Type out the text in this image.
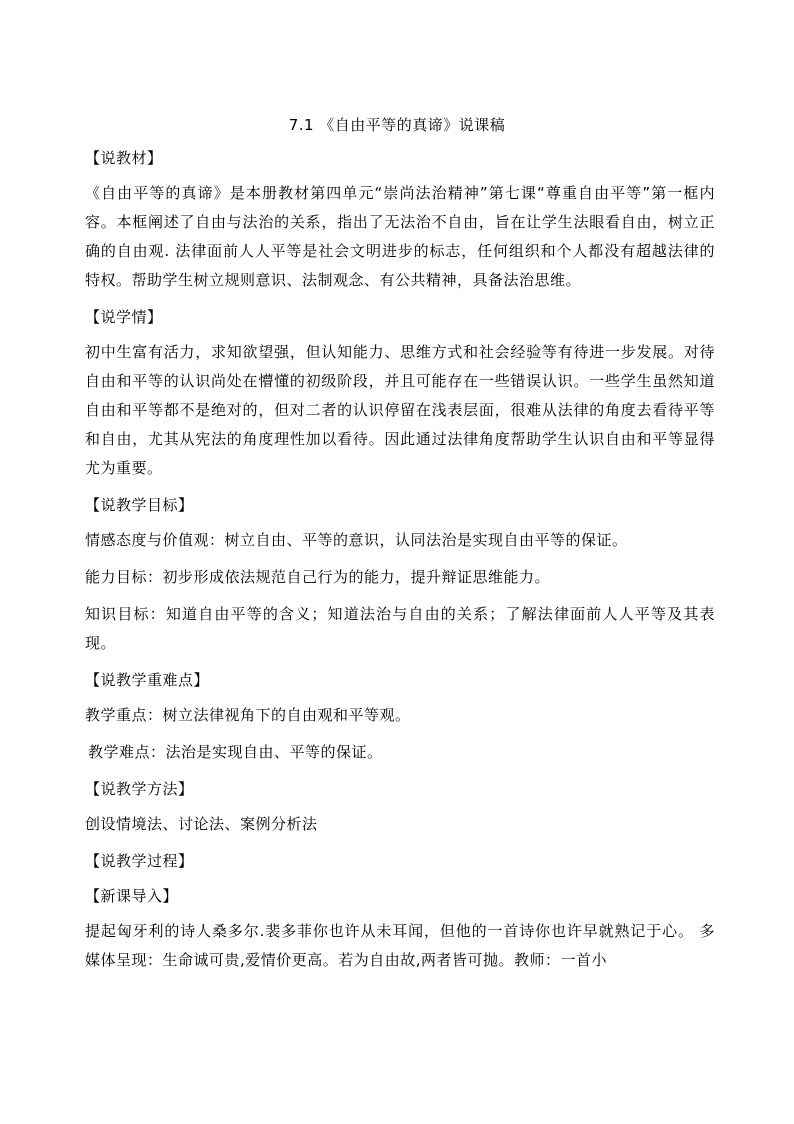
7.1 《自由平等的真谛》说课稿

【说教材】

《自由平等的真谛》是本册教材第四单元“崇尚法治精神”第七课“尊重自由平等”第一框内容。本框阐述了自由与法治的关系，指出了无法治不自由，旨在让学生法眼看自由，树立正确的自由观. 法律面前人人平等是社会文明进步的标志，任何组织和个人都没有超越法律的特权。帮助学生树立规则意识、法制观念、有公共精神，具备法治思维。

【说学情】

初中生富有活力，求知欲望强，但认知能力、思维方式和社会经验等有待进一步发展。对待自由和平等的认识尚处在懵懂的初级阶段，并且可能存在一些错误认识。一些学生虽然知道自由和平等都不是绝对的，但对二者的认识停留在浅表层面，很难从法律的角度去看待平等和自由，尤其从宪法的角度理性加以看待。因此通过法律角度帮助学生认识自由和平等显得尤为重要。

【说教学目标】

情感态度与价值观：树立自由、平等的意识，认同法治是实现自由平等的保证。

能力目标：初步形成依法规范自己行为的能力，提升辩证思维能力。

知识目标：知道自由平等的含义；知道法治与自由的关系；了解法律面前人人平等及其表现。

【说教学重难点】

教学重点：树立法律视角下的自由观和平等观。

教学难点：法治是实现自由、平等的保证。

【说教学方法】

创设情境法、讨论法、案例分析法

【说教学过程】

【新课导入】

提起匈牙利的诗人桑多尔.裴多菲你也许从未耳闻，但他的一首诗你也许早就熟记于心。 多媒体呈现：生命诚可贵,爱情价更高。若为自由故,两者皆可抛。教师：一首小
